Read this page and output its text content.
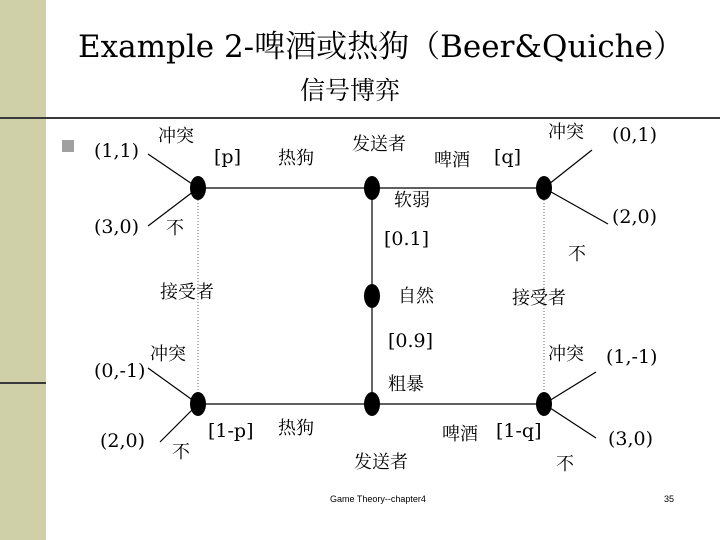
Example 2-啤酒或热狗（Beer&Quiche）
信号博弈
(1,1)
(3,0)
(0,-1)
(2,0)
(0,1)
(2,0)
(1,-1)
(3,0)
冲突
不
冲突
不
冲突
不
冲突
不
[p]
[1-p]
[q]
[1-q]
热狗
热狗
啤酒
啤酒
发送者
发送者
接受者	接受者
自然
软弱
[0.1]
[0.9]
粗暴
Game Theory--chapter4	35
